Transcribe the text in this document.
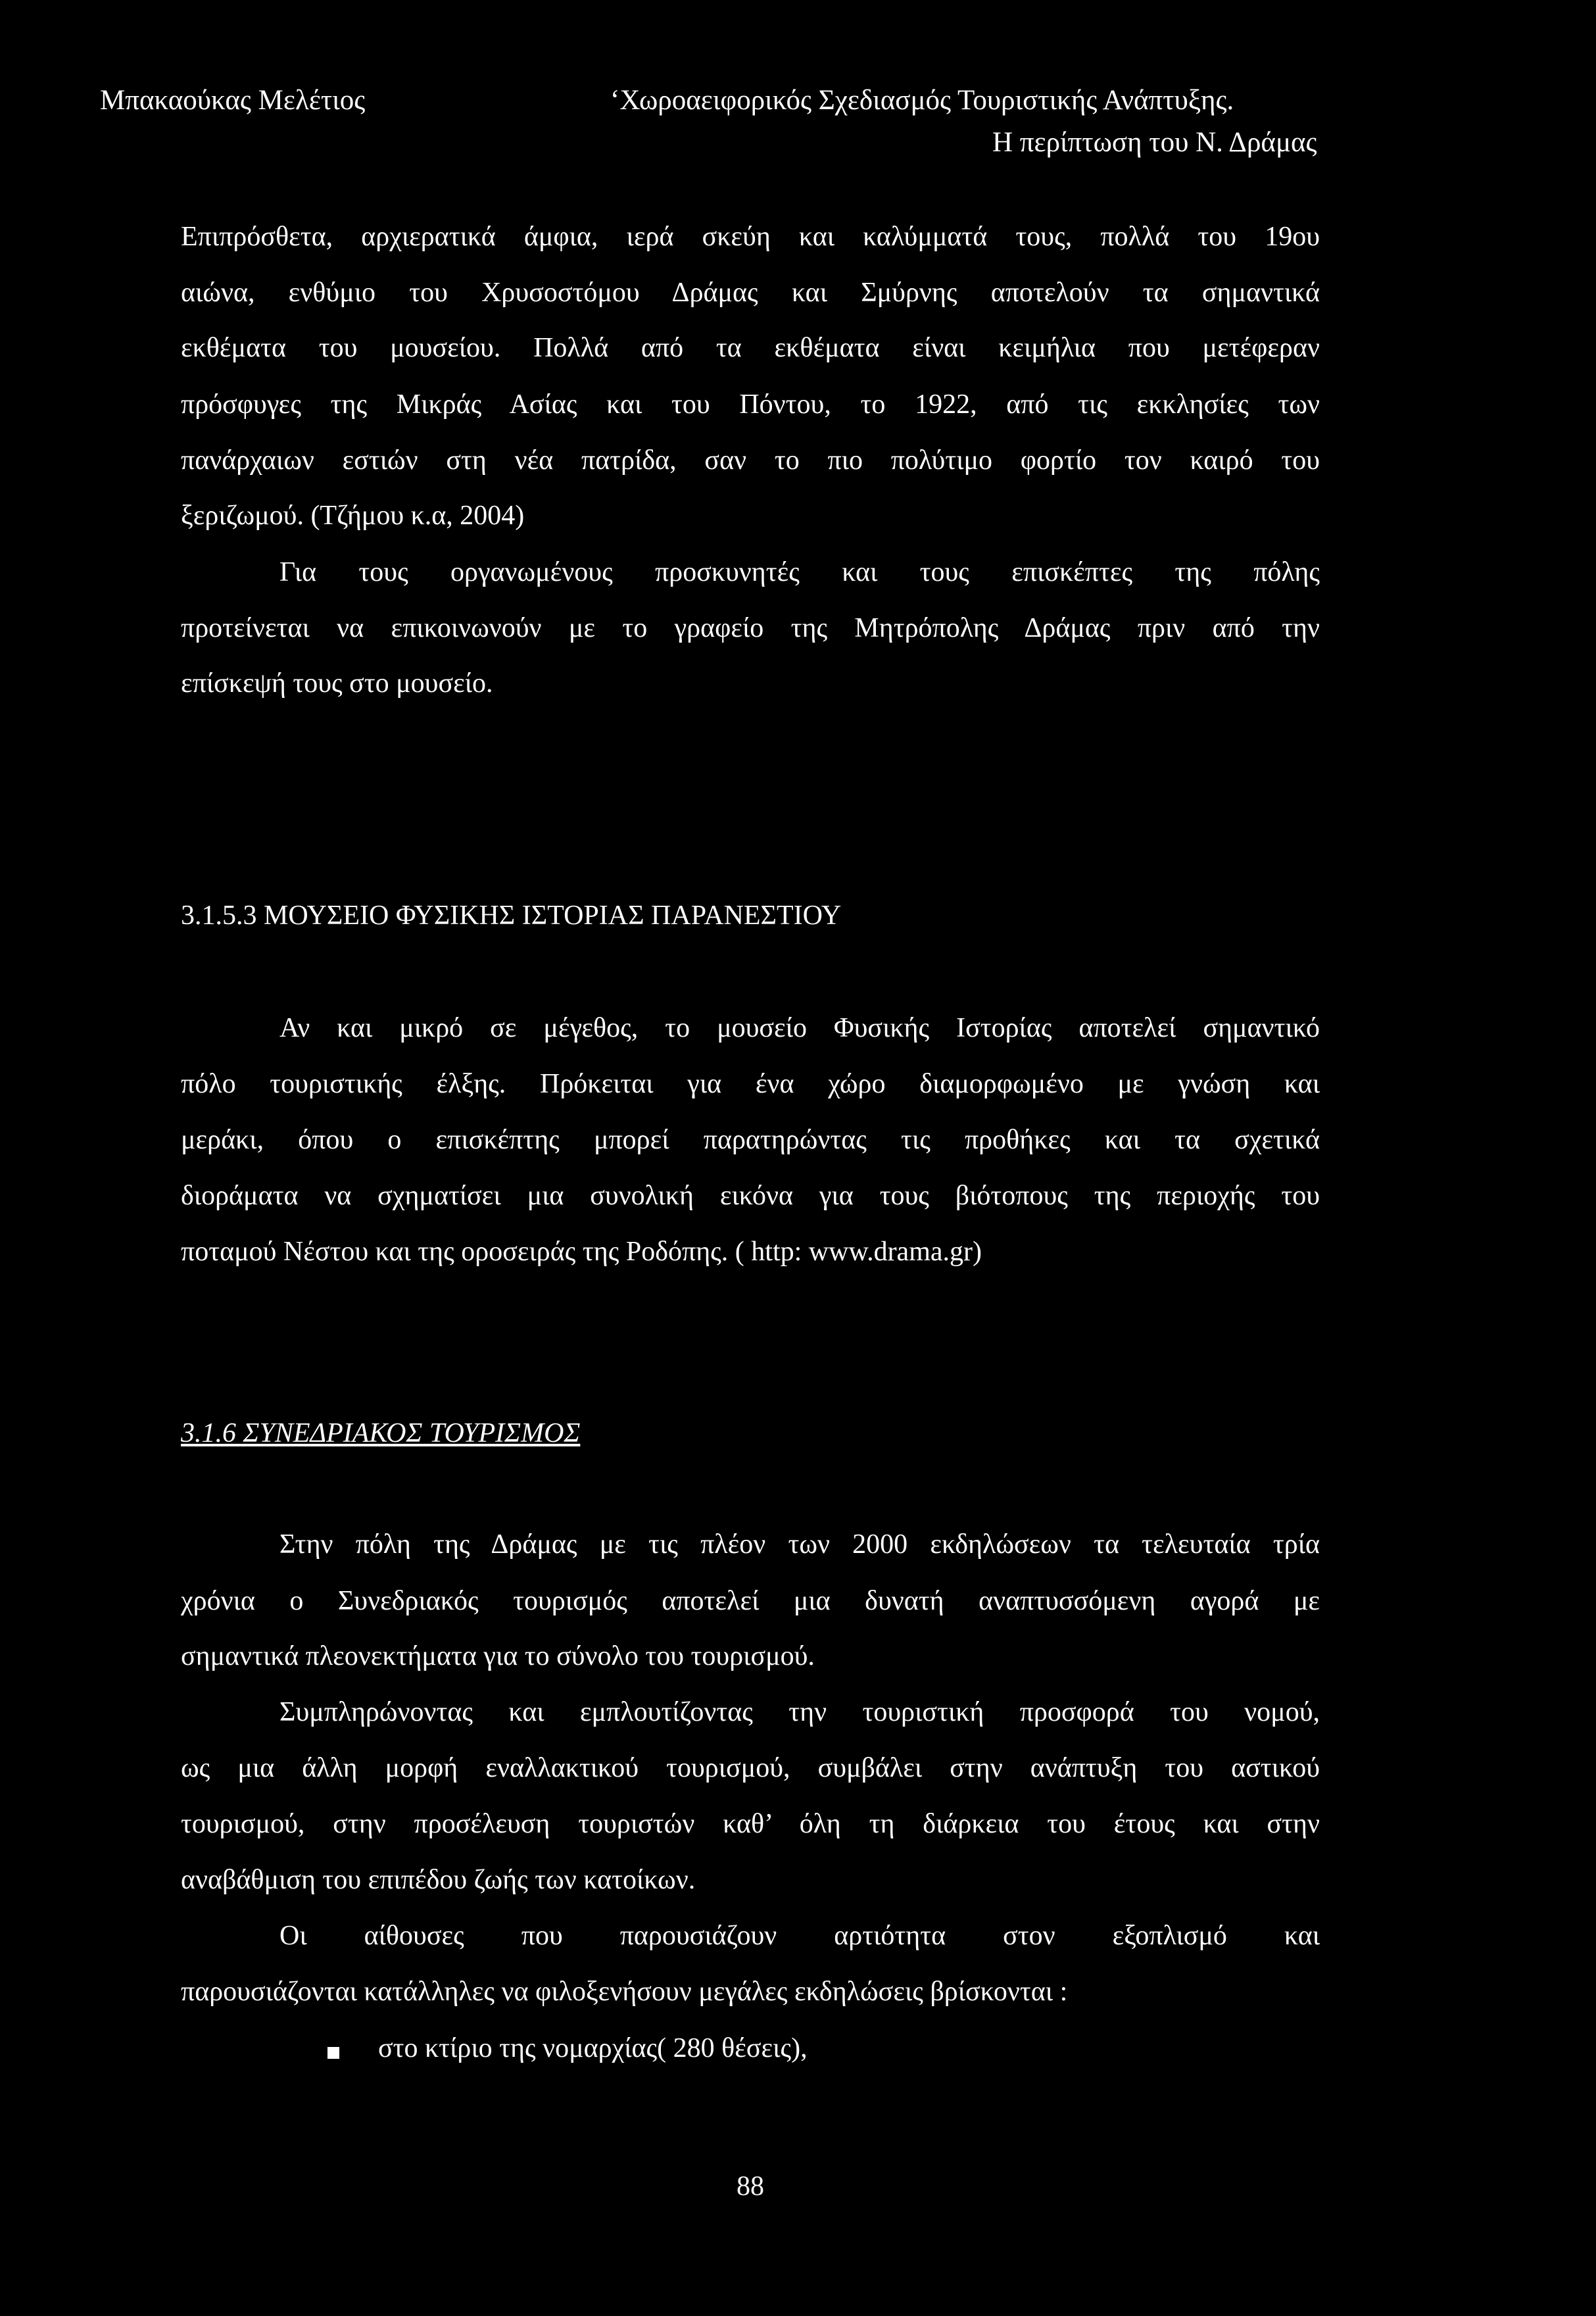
Μπακαούκας Μελέτιος	‘Χωροαειφορικός Σχεδιασμός Τουριστικής Ανάπτυξης.
Η περίπτωση του Ν. Δράμας
Επιπρόσθετα, αρχιερατικά άμφια, ιερά σκεύη και καλύμματά τους, πολλά του 19ου
αιώνα, ενθύμιο του Χρυσοστόμου Δράμας και Σμύρνης αποτελούν τα σημαντικά
εκθέματα του μουσείου. Πολλά από τα εκθέματα είναι κειμήλια που μετέφεραν
πρόσφυγες της Μικράς Ασίας και του Πόντου, το 1922, από τις εκκλησίες των
πανάρχαιων εστιών στη νέα πατρίδα, σαν το πιο πολύτιμο φορτίο τον καιρό του
ξεριζωμού. (Τζήμου κ.α, 2004)
Για τους οργανωμένους προσκυνητές και τους επισκέπτες της πόλης
προτείνεται να επικοινωνούν με το γραφείο της Μητρόπολης Δράμας πριν από την
επίσκεψή τους στο μουσείο.
3.1.5.3 ΜΟΥΣΕΙΟ ΦΥΣΙΚΗΣ ΙΣΤΟΡΙΑΣ ΠΑΡΑΝΕΣΤΙΟΥ
Αν και μικρό σε μέγεθος, το μουσείο Φυσικής Ιστορίας αποτελεί σημαντικό
πόλο τουριστικής έλξης. Πρόκειται για ένα χώρο διαμορφωμένο με γνώση και
μεράκι, όπου ο επισκέπτης μπορεί παρατηρώντας τις προθήκες και τα σχετικά
διοράματα να σχηματίσει μια συνολική εικόνα για τους βιότοπους της περιοχής του
ποταμού Νέστου και της οροσειράς της Ροδόπης. ( http: www.drama.gr)
3.1.6 ΣΥΝΕΔΡΙΑΚΟΣ ΤΟΥΡΙΣΜΟΣ
Στην πόλη της Δράμας με τις πλέον των 2000 εκδηλώσεων τα τελευταία τρία
χρόνια ο Συνεδριακός τουρισμός αποτελεί μια δυνατή αναπτυσσόμενη αγορά με
σημαντικά πλεονεκτήματα για το σύνολο του τουρισμού.
Συμπληρώνοντας και εμπλουτίζοντας την τουριστική προσφορά του νομού,
ως μια άλλη μορφή εναλλακτικού τουρισμού, συμβάλει στην ανάπτυξη του αστικού
τουρισμού, στην προσέλευση τουριστών καθ’ όλη τη διάρκεια του έτους και στην
αναβάθμιση του επιπέδου ζωής των κατοίκων.
Οι αίθουσες που παρουσιάζουν αρτιότητα στον εξοπλισμό και
παρουσιάζονται κατάλληλες να φιλοξενήσουν μεγάλες εκδηλώσεις βρίσκονται :
στο κτίριο της νομαρχίας( 280 θέσεις),
88
